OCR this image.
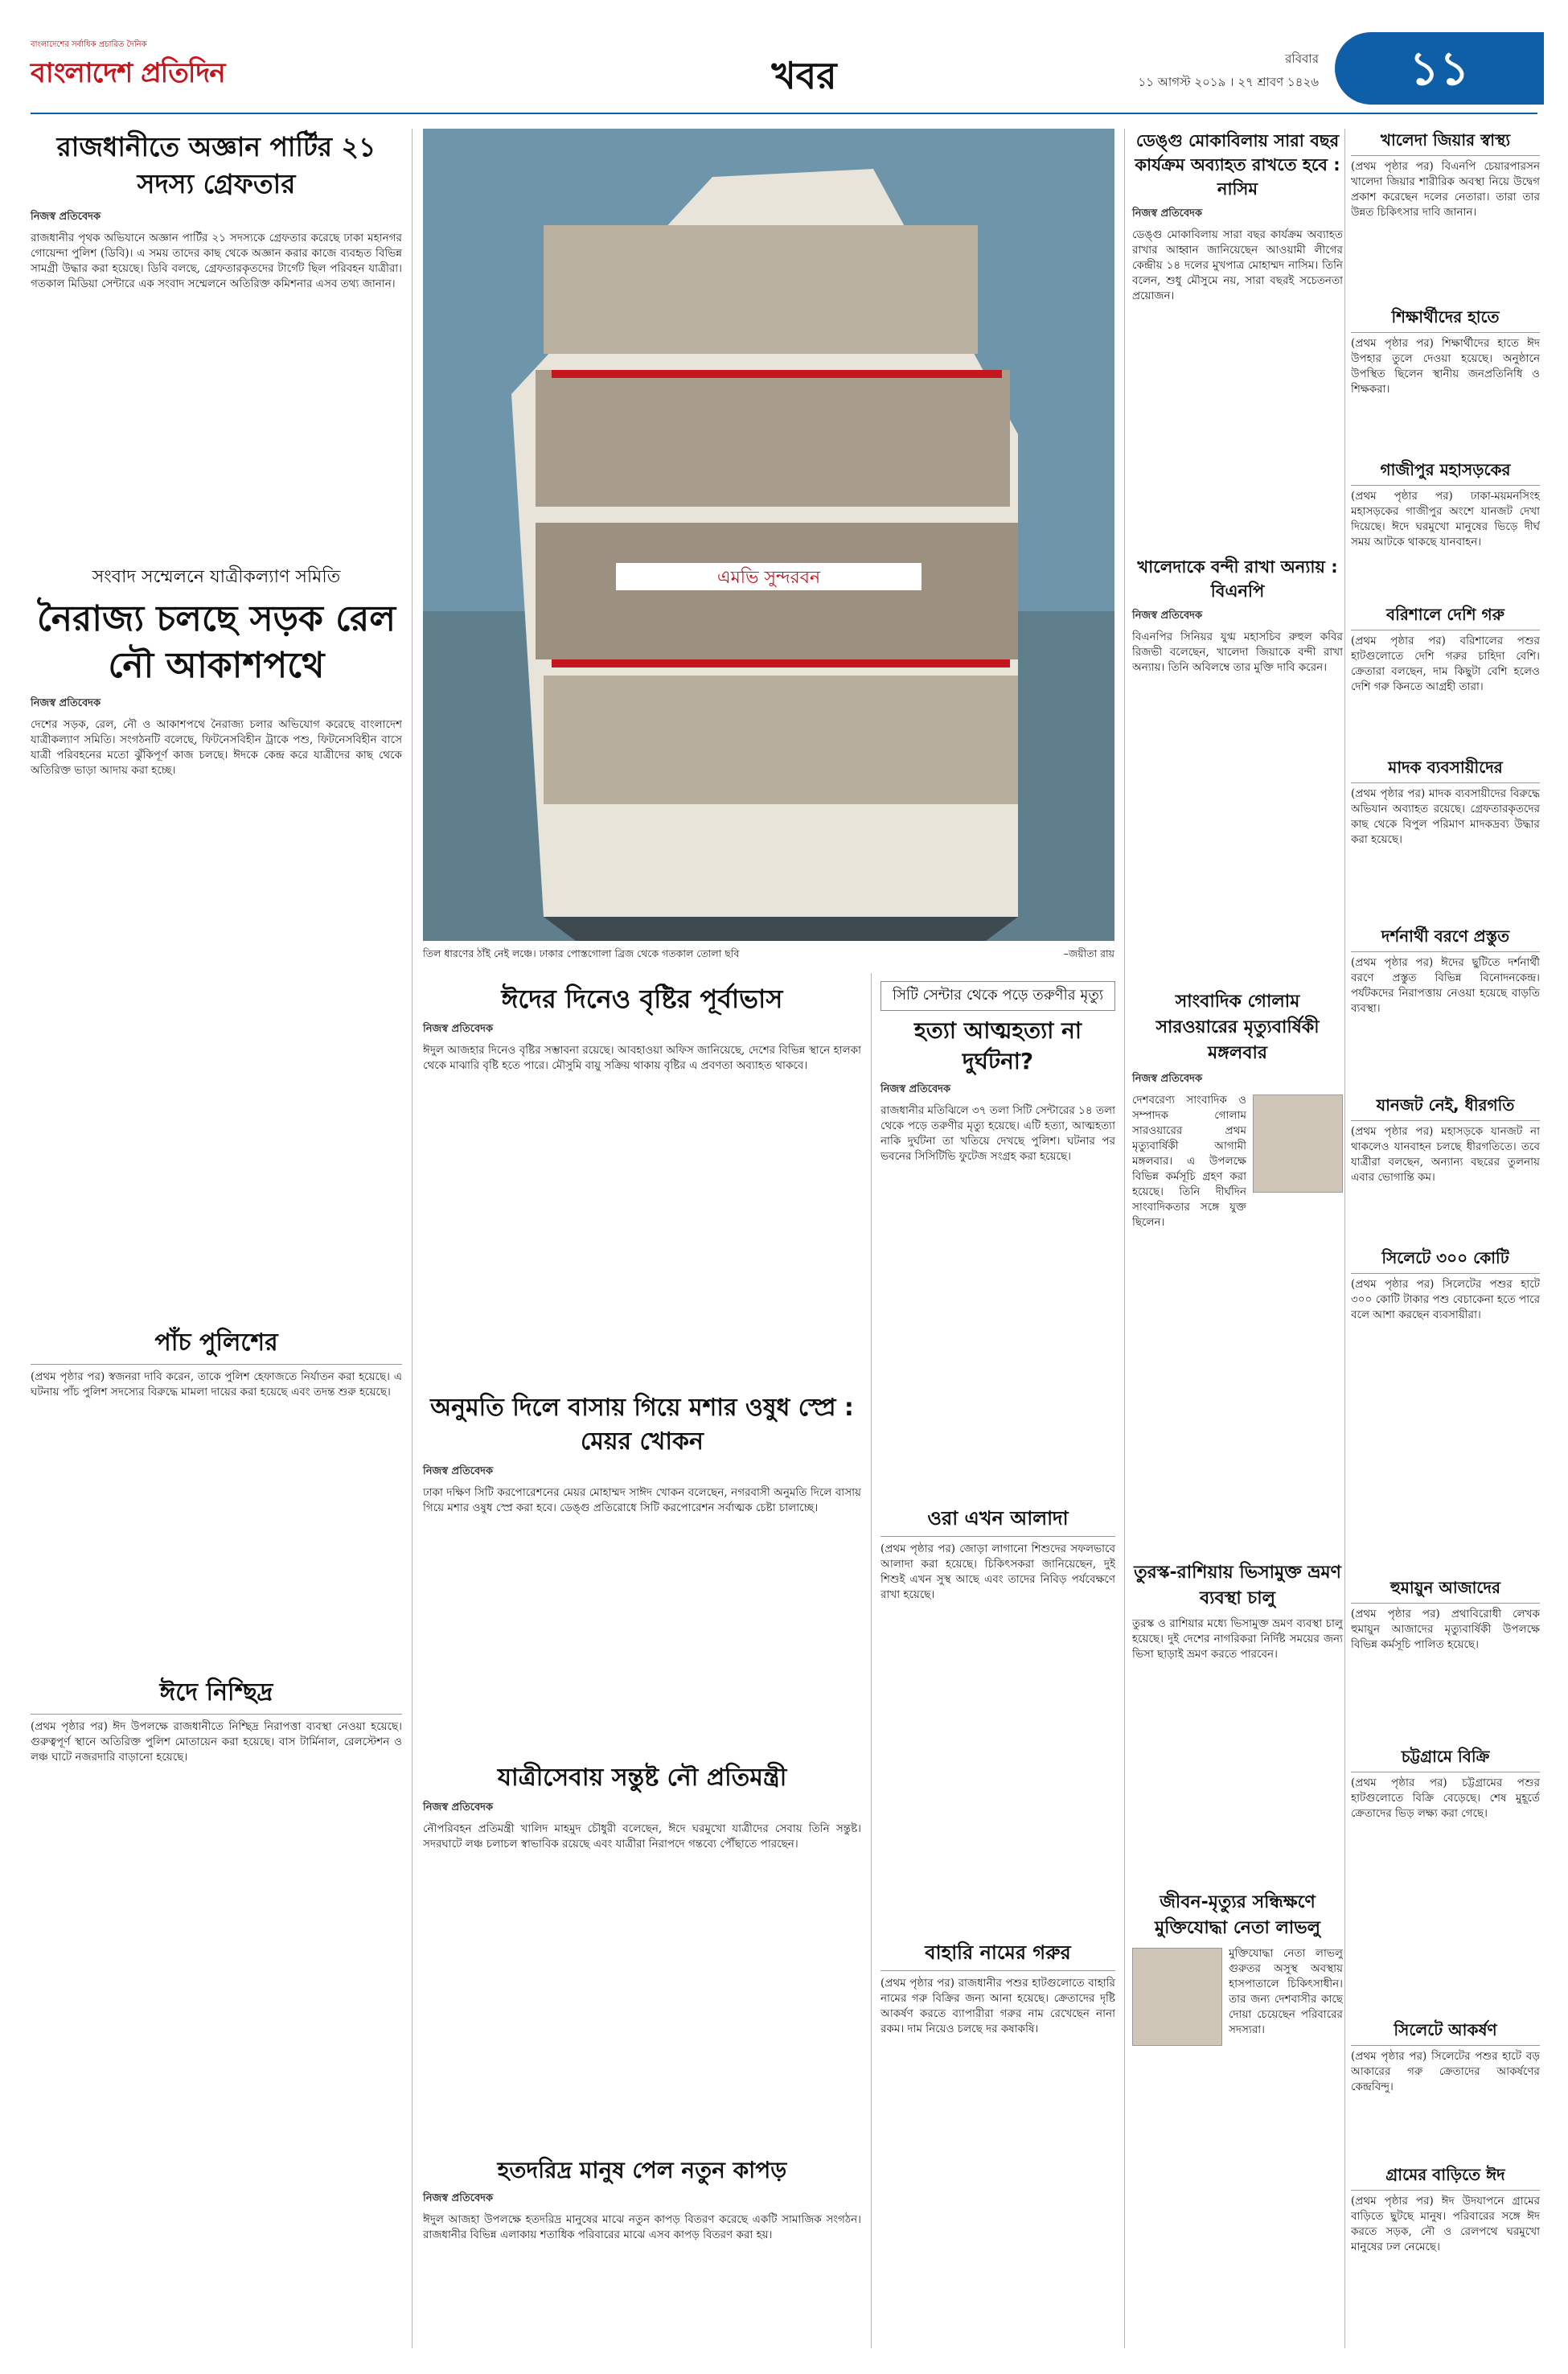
বাংলাদেশের সর্বাধিক প্রচারিত দৈনিক
বাংলাদেশ প্রতিদিন	খবর	রবিবার
১১ আগস্ট ২০১৯ । ২৭ শ্রাবণ ১৪২৬	১১
রাজধানীতে অজ্ঞান পার্টির ২১ সদস্য গ্রেফতার
নিজস্ব প্রতিবেদক
রাজধানীর পৃথক অভিযানে অজ্ঞান পার্টির ২১ সদস্যকে গ্রেফতার করেছে ঢাকা মহানগর গোয়েন্দা পুলিশ (ডিবি)। এ সময় তাদের কাছ থেকে অজ্ঞান করার কাজে ব্যবহৃত বিভিন্ন সামগ্রী উদ্ধার করা হয়েছে। ডিবি বলছে, গ্রেফতারকৃতদের টার্গেট ছিল পরিবহন যাত্রীরা। গতকাল মিডিয়া সেন্টারে এক সংবাদ সম্মেলনে অতিরিক্ত কমিশনার এসব তথ্য জানান।
এমভি সুন্দরবন
তিল ধারণের ঠাঁই নেই লঞ্চে। ঢাকার পোস্তগোলা ব্রিজ থেকে গতকাল তোলা ছবি	–জয়ীতা রায়
সংবাদ সম্মেলনে যাত্রীকল্যাণ সমিতি
নৈরাজ্য চলছে সড়ক রেল নৌ আকাশপথে
নিজস্ব প্রতিবেদক
দেশের সড়ক, রেল, নৌ ও আকাশপথে নৈরাজ্য চলার অভিযোগ করেছে বাংলাদেশ যাত্রীকল্যাণ সমিতি। সংগঠনটি বলেছে, ফিটনেসবিহীন ট্রাকে পশু, ফিটনেসবিহীন বাসে যাত্রী পরিবহনের মতো ঝুঁকিপূর্ণ কাজ চলছে। ঈদকে কেন্দ্র করে যাত্রীদের কাছ থেকে অতিরিক্ত ভাড়া আদায় করা হচ্ছে।
পাঁচ পুলিশের
(প্রথম পৃষ্ঠার পর) স্বজনরা দাবি করেন, তাকে পুলিশ হেফাজতে নির্যাতন করা হয়েছে। এ ঘটনায় পাঁচ পুলিশ সদস্যের বিরুদ্ধে মামলা দায়ের করা হয়েছে এবং তদন্ত শুরু হয়েছে।
ঈদে নিশ্ছিদ্র
(প্রথম পৃষ্ঠার পর) ঈদ উপলক্ষে রাজধানীতে নিশ্ছিদ্র নিরাপত্তা ব্যবস্থা নেওয়া হয়েছে। গুরুত্বপূর্ণ স্থানে অতিরিক্ত পুলিশ মোতায়েন করা হয়েছে। বাস টার্মিনাল, রেলস্টেশন ও লঞ্চ ঘাটে নজরদারি বাড়ানো হয়েছে।
ঈদের দিনেও বৃষ্টির পূর্বাভাস
নিজস্ব প্রতিবেদক
ঈদুল আজহার দিনেও বৃষ্টির সম্ভাবনা রয়েছে। আবহাওয়া অফিস জানিয়েছে, দেশের বিভিন্ন স্থানে হালকা থেকে মাঝারি বৃষ্টি হতে পারে। মৌসুমি বায়ু সক্রিয় থাকায় বৃষ্টির এ প্রবণতা অব্যাহত থাকবে।
অনুমতি দিলে বাসায় গিয়ে মশার ওষুধ স্প্রে : মেয়র খোকন
নিজস্ব প্রতিবেদক
ঢাকা দক্ষিণ সিটি করপোরেশনের মেয়র মোহাম্মদ সাঈদ খোকন বলেছেন, নগরবাসী অনুমতি দিলে বাসায় গিয়ে মশার ওষুধ স্প্রে করা হবে। ডেঙ্গু প্রতিরোধে সিটি করপোরেশন সর্বাত্মক চেষ্টা চালাচ্ছে।
যাত্রীসেবায় সন্তুষ্ট নৌ প্রতিমন্ত্রী
নিজস্ব প্রতিবেদক
নৌপরিবহন প্রতিমন্ত্রী খালিদ মাহমুদ চৌধুরী বলেছেন, ঈদে ঘরমুখো যাত্রীদের সেবায় তিনি সন্তুষ্ট। সদরঘাটে লঞ্চ চলাচল স্বাভাবিক রয়েছে এবং যাত্রীরা নিরাপদে গন্তব্যে পৌঁছাতে পারছেন।
হতদরিদ্র মানুষ পেল নতুন কাপড়
নিজস্ব প্রতিবেদক
ঈদুল আজহা উপলক্ষে হতদরিদ্র মানুষের মাঝে নতুন কাপড় বিতরণ করেছে একটি সামাজিক সংগঠন। রাজধানীর বিভিন্ন এলাকায় শতাধিক পরিবারের মাঝে এসব কাপড় বিতরণ করা হয়।
সিটি সেন্টার থেকে পড়ে তরুণীর মৃত্যু
হত্যা আত্মহত্যা না দুর্ঘটনা?
নিজস্ব প্রতিবেদক
রাজধানীর মতিঝিলে ৩৭ তলা সিটি সেন্টারের ১৪ তলা থেকে পড়ে তরুণীর মৃত্যু হয়েছে। এটি হত্যা, আত্মহত্যা নাকি দুর্ঘটনা তা খতিয়ে দেখছে পুলিশ। ঘটনার পর ভবনের সিসিটিভি ফুটেজ সংগ্রহ করা হয়েছে।
ওরা এখন আলাদা
(প্রথম পৃষ্ঠার পর) জোড়া লাগানো শিশুদের সফলভাবে আলাদা করা হয়েছে। চিকিৎসকরা জানিয়েছেন, দুই শিশুই এখন সুস্থ আছে এবং তাদের নিবিড় পর্যবেক্ষণে রাখা হয়েছে।
বাহারি নামের গরুর
(প্রথম পৃষ্ঠার পর) রাজধানীর পশুর হাটগুলোতে বাহারি নামের গরু বিক্রির জন্য আনা হয়েছে। ক্রেতাদের দৃষ্টি আকর্ষণ করতে ব্যাপারীরা গরুর নাম রেখেছেন নানা রকম। দাম নিয়েও চলছে দর কষাকষি।
ডেঙ্গু মোকাবিলায় সারা বছর কার্যক্রম অব্যাহত রাখতে হবে : নাসিম
নিজস্ব প্রতিবেদক
ডেঙ্গু মোকাবিলায় সারা বছর কার্যক্রম অব্যাহত রাখার আহ্বান জানিয়েছেন আওয়ামী লীগের কেন্দ্রীয় ১৪ দলের মুখপাত্র মোহাম্মদ নাসিম। তিনি বলেন, শুধু মৌসুমে নয়, সারা বছরই সচেতনতা প্রয়োজন।
খালেদাকে বন্দী রাখা অন্যায় : বিএনপি
নিজস্ব প্রতিবেদক
বিএনপির সিনিয়র যুগ্ম মহাসচিব রুহুল কবির রিজভী বলেছেন, খালেদা জিয়াকে বন্দী রাখা অন্যায়। তিনি অবিলম্বে তার মুক্তি দাবি করেন।
সাংবাদিক গোলাম সারওয়ারের মৃত্যুবার্ষিকী মঙ্গলবার
নিজস্ব প্রতিবেদক
দেশবরেণ্য সাংবাদিক ও সম্পাদক গোলাম সারওয়ারের প্রথম মৃত্যুবার্ষিকী আগামী মঙ্গলবার। এ উপলক্ষে বিভিন্ন কর্মসূচি গ্রহণ করা হয়েছে। তিনি দীর্ঘদিন সাংবাদিকতার সঙ্গে যুক্ত ছিলেন।
তুরস্ক-রাশিয়ায় ভিসামুক্ত ভ্রমণ ব্যবস্থা চালু
তুরস্ক ও রাশিয়ার মধ্যে ভিসামুক্ত ভ্রমণ ব্যবস্থা চালু হয়েছে। দুই দেশের নাগরিকরা নির্দিষ্ট সময়ের জন্য ভিসা ছাড়াই ভ্রমণ করতে পারবেন।
জীবন-মৃত্যুর সন্ধিক্ষণে মুক্তিযোদ্ধা নেতা লাভলু
মুক্তিযোদ্ধা নেতা লাভলু গুরুতর অসুস্থ অবস্থায় হাসপাতালে চিকিৎসাধীন। তার জন্য দেশবাসীর কাছে দোয়া চেয়েছেন পরিবারের সদস্যরা।
খালেদা জিয়ার স্বাস্থ্য
(প্রথম পৃষ্ঠার পর) বিএনপি চেয়ারপারসন খালেদা জিয়ার শারীরিক অবস্থা নিয়ে উদ্বেগ প্রকাশ করেছেন দলের নেতারা। তারা তার উন্নত চিকিৎসার দাবি জানান।
শিক্ষার্থীদের হাতে
(প্রথম পৃষ্ঠার পর) শিক্ষার্থীদের হাতে ঈদ উপহার তুলে দেওয়া হয়েছে। অনুষ্ঠানে উপস্থিত ছিলেন স্থানীয় জনপ্রতিনিধি ও শিক্ষকরা।
গাজীপুর মহাসড়কের
(প্রথম পৃষ্ঠার পর) ঢাকা-ময়মনসিংহ মহাসড়কের গাজীপুর অংশে যানজট দেখা দিয়েছে। ঈদে ঘরমুখো মানুষের ভিড়ে দীর্ঘ সময় আটকে থাকছে যানবাহন।
বরিশালে দেশি গরু
(প্রথম পৃষ্ঠার পর) বরিশালের পশুর হাটগুলোতে দেশি গরুর চাহিদা বেশি। ক্রেতারা বলছেন, দাম কিছুটা বেশি হলেও দেশি গরু কিনতে আগ্রহী তারা।
মাদক ব্যবসায়ীদের
(প্রথম পৃষ্ঠার পর) মাদক ব্যবসায়ীদের বিরুদ্ধে অভিযান অব্যাহত রয়েছে। গ্রেফতারকৃতদের কাছ থেকে বিপুল পরিমাণ মাদকদ্রব্য উদ্ধার করা হয়েছে।
দর্শনার্থী বরণে প্রস্তুত
(প্রথম পৃষ্ঠার পর) ঈদের ছুটিতে দর্শনার্থী বরণে প্রস্তুত বিভিন্ন বিনোদনকেন্দ্র। পর্যটকদের নিরাপত্তায় নেওয়া হয়েছে বাড়তি ব্যবস্থা।
যানজট নেই, ধীরগতি
(প্রথম পৃষ্ঠার পর) মহাসড়কে যানজট না থাকলেও যানবাহন চলছে ধীরগতিতে। তবে যাত্রীরা বলছেন, অন্যান্য বছরের তুলনায় এবার ভোগান্তি কম।
সিলেটে ৩০০ কোটি
(প্রথম পৃষ্ঠার পর) সিলেটের পশুর হাটে ৩০০ কোটি টাকার পশু বেচাকেনা হতে পারে বলে আশা করছেন ব্যবসায়ীরা।
হুমায়ুন আজাদের
(প্রথম পৃষ্ঠার পর) প্রথাবিরোধী লেখক হুমায়ুন আজাদের মৃত্যুবার্ষিকী উপলক্ষে বিভিন্ন কর্মসূচি পালিত হয়েছে।
চট্টগ্রামে বিক্রি
(প্রথম পৃষ্ঠার পর) চট্টগ্রামের পশুর হাটগুলোতে বিক্রি বেড়েছে। শেষ মুহূর্তে ক্রেতাদের ভিড় লক্ষ্য করা গেছে।
সিলেটে আকর্ষণ
(প্রথম পৃষ্ঠার পর) সিলেটের পশুর হাটে বড় আকারের গরু ক্রেতাদের আকর্ষণের কেন্দ্রবিন্দু।
গ্রামের বাড়িতে ঈদ
(প্রথম পৃষ্ঠার পর) ঈদ উদযাপনে গ্রামের বাড়িতে ছুটছে মানুষ। পরিবারের সঙ্গে ঈদ করতে সড়ক, নৌ ও রেলপথে ঘরমুখো মানুষের ঢল নেমেছে।
